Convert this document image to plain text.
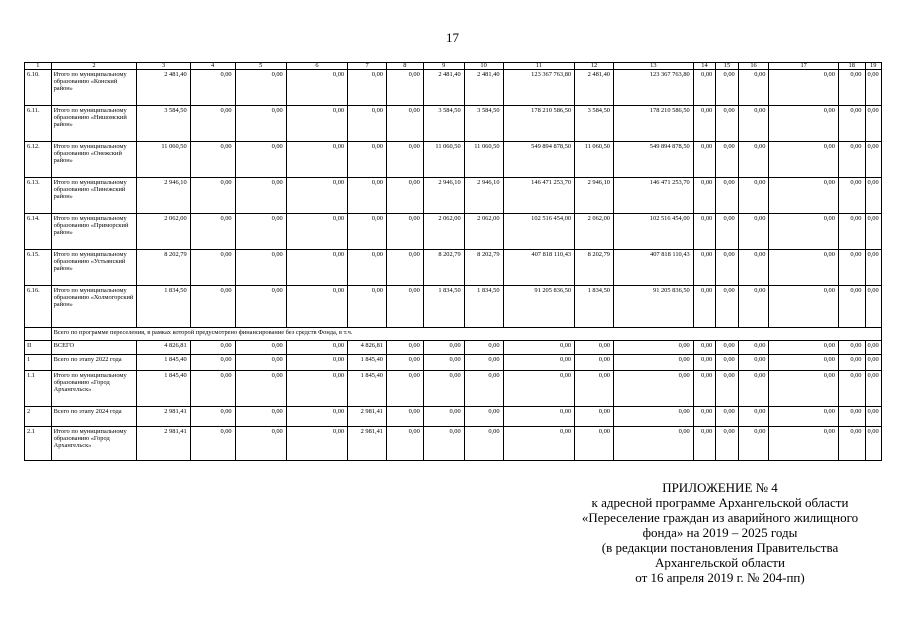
17
1	2	3	4	5	6	7	8	9	10	11	12	13	14	15	16	17	18	19
6.10.	Итого по муниципальному образованию «Конский район»	2 481,40	0,00	0,00	0,00	0,00	0,00	2 481,40	2 481,40	123 367 763,80	2 481,40	123 367 763,80	0,00	0,00	0,00	0,00	0,00	0,00
6.11.	Итого по муниципальному образованию «Нишомский район»	3 584,50	0,00	0,00	0,00	0,00	0,00	3 584,50	3 584,50	178 210 586,50	3 584,50	178 210 586,50	0,00	0,00	0,00	0,00	0,00	0,00
6.12.	Итого по муниципальному образованию «Онежский район»	11 060,50	0,00	0,00	0,00	0,00	0,00	11 060,50	11 060,50	549 894 878,50	11 060,50	549 894 878,50	0,00	0,00	0,00	0,00	0,00	0,00
6.13.	Итого по муниципальному образованию «Пинежский район»	2 946,10	0,00	0,00	0,00	0,00	0,00	2 946,10	2 946,10	146 471 253,70	2 946,10	146 471 253,70	0,00	0,00	0,00	0,00	0,00	0,00
6.14.	Итого по муниципальному образованию «Приморский район»	2 062,00	0,00	0,00	0,00	0,00	0,00	2 062,00	2 062,00	102 516 454,00	2 062,00	102 516 454,00	0,00	0,00	0,00	0,00	0,00	0,00
6.15.	Итого по муниципальному образованию «Устьянский район»	8 202,79	0,00	0,00	0,00	0,00	0,00	8 202,79	8 202,79	407 818 110,43	8 202,79	407 818 110,43	0,00	0,00	0,00	0,00	0,00	0,00
6.16.	Итого по муниципальному образованию «Холмогорский район»	1 834,50	0,00	0,00	0,00	0,00	0,00	1 834,50	1 834,50	91 205 836,50	1 834,50	91 205 836,50	0,00	0,00	0,00	0,00	0,00	0,00
	Всего по программе переселения, в рамках которой предусмотрено финансирование без средств Фонда, в т.ч.																	
II	ВСЕГО	4 826,81	0,00	0,00	0,00	4 826,81	0,00	0,00	0,00	0,00	0,00	0,00	0,00	0,00	0,00	0,00	0,00	0,00
1	Всего по этапу 2022 года	1 845,40	0,00	0,00	0,00	1 845,40	0,00	0,00	0,00	0,00	0,00	0,00	0,00	0,00	0,00	0,00	0,00	0,00
1.1	Итого по муниципальному образованию «Город Архангельск»	1 845,40	0,00	0,00	0,00	1 845,40	0,00	0,00	0,00	0,00	0,00	0,00	0,00	0,00	0,00	0,00	0,00	0,00
2	Всего по этапу 2024 года	2 981,41	0,00	0,00	0,00	2 981,41	0,00	0,00	0,00	0,00	0,00	0,00	0,00	0,00	0,00	0,00	0,00	0,00
2.1	Итого по муниципальному образованию «Город Архангельск»	2 981,41	0,00	0,00	0,00	2 981,41	0,00	0,00	0,00	0,00	0,00	0,00	0,00	0,00	0,00	0,00	0,00	0,00
ПРИЛОЖЕНИЕ № 4
к адресной программе Архангельской области
«Переселение граждан из аварийного жилищного
фонда» на 2019 – 2025 годы
(в редакции постановления Правительства
Архангельской области
от 16 апреля 2019 г. № 204-пп)
